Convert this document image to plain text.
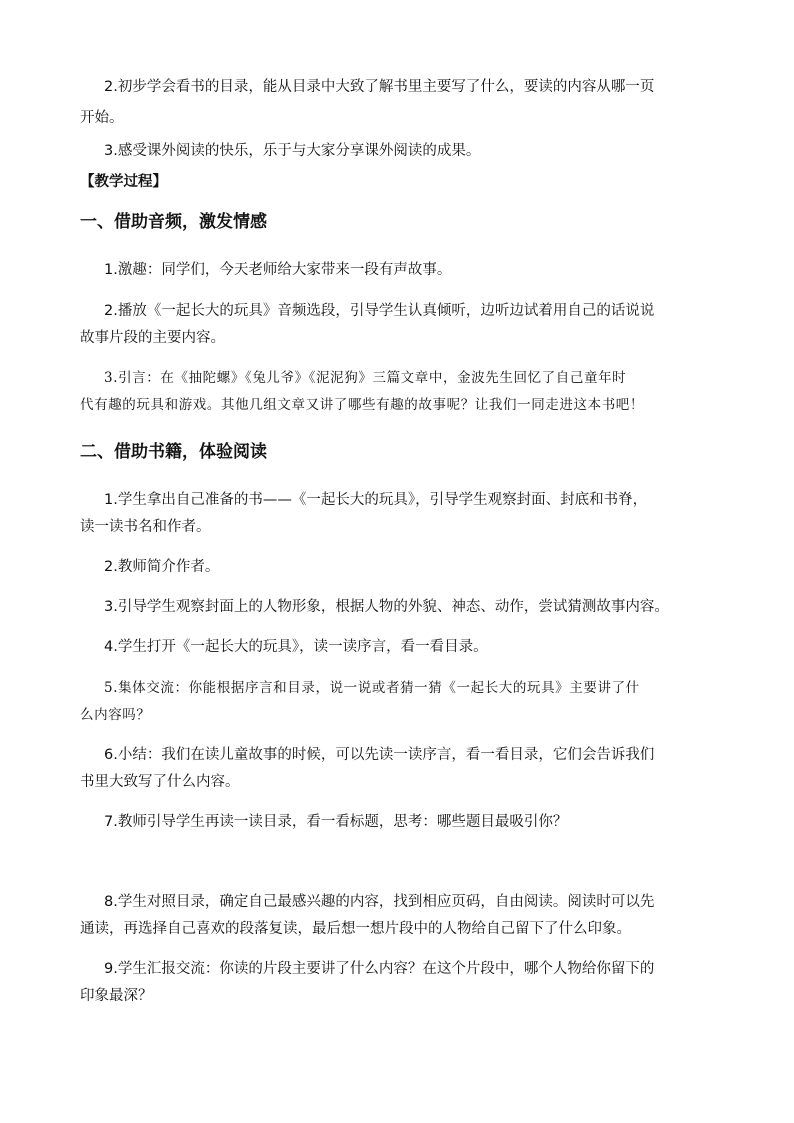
2.初步学会看书的目录，能从目录中大致了解书里主要写了什么，要读的内容从哪一页
开始。
3.感受课外阅读的快乐，乐于与大家分享课外阅读的成果。
【教学过程】
一、借助音频，激发情感
1.激趣：同学们，今天老师给大家带来一段有声故事。
2.播放《一起长大的玩具》音频选段，引导学生认真倾听，边听边试着用自己的话说说
故事片段的主要内容。
3.引言：在《抽陀螺》《兔儿爷》《泥泥狗》三篇文章中，金波先生回忆了自己童年时
代有趣的玩具和游戏。其他几组文章又讲了哪些有趣的故事呢？让我们一同走进这本书吧！
二、借助书籍，体验阅读
1.学生拿出自己准备的书——《一起长大的玩具》，引导学生观察封面、封底和书脊，
读一读书名和作者。
2.教师简介作者。
3.引导学生观察封面上的人物形象，根据人物的外貌、神态、动作，尝试猜测故事内容。
4.学生打开《一起长大的玩具》，读一读序言，看一看目录。
5.集体交流：你能根据序言和目录，说一说或者猜一猜《一起长大的玩具》主要讲了什
么内容吗？
6.小结：我们在读儿童故事的时候，可以先读一读序言，看一看目录，它们会告诉我们
书里大致写了什么内容。
7.教师引导学生再读一读目录，看一看标题，思考：哪些题目最吸引你？
8.学生对照目录，确定自己最感兴趣的内容，找到相应页码，自由阅读。阅读时可以先
通读，再选择自己喜欢的段落复读，最后想一想片段中的人物给自己留下了什么印象。
9.学生汇报交流：你读的片段主要讲了什么内容？在这个片段中，哪个人物给你留下的
印象最深？
